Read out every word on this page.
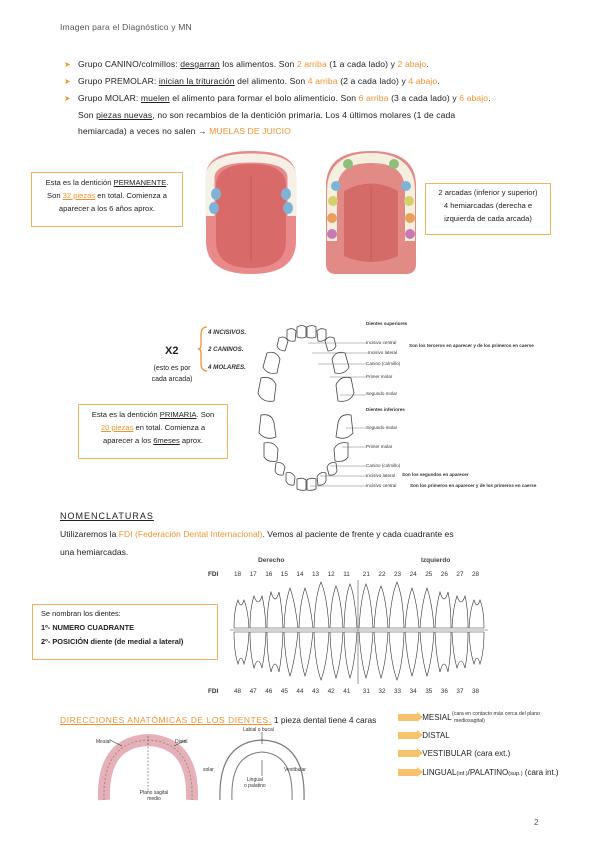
Imagen para el Diagnóstico y MN
➤ Grupo CANINO/colmillos: desgarran los alimentos. Son 2 arriba (1 a cada lado) y 2 abajo.
➤ Grupo PREMOLAR: inician la trituración del alimento. Son 4 arriba (2 a cada lado) y 4 abajo.
➤ Grupo MOLAR: muelen el alimento para formar el bolo alimenticio. Son 6 arriba (3 a cada lado) y 6 abajo.
Son piezas nuevas, no son recambios de la dentición primaria. Los 4 últimos molares (1 de cada
hemiarcada) a veces no salen → MUELAS DE JUICIO
Esta es la dentición PERMANENTE.
Son 32 piezas en total. Comienza a
aparecer a los 6 años aprox.
2 arcadas (inferior y superior)
4 hemiarcadas (derecha e
izquierda de cada arcada)
X2
(esto es por
cada arcada)
4 INCISIVOS.
2 CANINOS.
4 MOLARES.
Dientes superiores
Incisivo central
Incisivo lateral
Canino (colmillo)
Primer molar
Segundo molar
Dientes inferiores
Segundo molar
Primer molar
Canino (colmillo)
Incisivo lateral
Incisivo central
Son los terceros en aparecer y de los primeros en caerse
Son los segundos en aparecer
Son los primeros en aparecer y de los primeros en caerse
Esta es la dentición PRIMARIA. Son
20 piezas en total. Comienza a
aparecer a los 6meses aprox.
NOMENCLATURAS
Utilizaremos la FDI (Federación Dental Internacional). Vemos al paciente de frente y cada cuadrante es
una hemiarcadas.
Derecho	Izquierdo
FDI
FDI
18 17 16 15 14 13 12 11 21 22 23 24 25 26 27 28
48 47 46 45 44 43 42 41 31 32 33 34 35 36 37 38
Se nombran los dientes:
1º- NUMERO CUADRANTE
2º- POSICIÓN diente (de medial a lateral)
DIRECCIONES ANATÓMICAS DE LOS DIENTES: 1 pieza dental tiene 4 caras	MESIAL (cara en contacto más cerca del plano
mediosagital)
DISTAL
VESTIBULAR (cara ext.)
LINGUAL(inf.)/PALATINO(sup.) (cara int.)
Mesial	Distal
Plano sagital
medio
Labial o bucal
Lingual
o palatino
solar	Vestibular
2
